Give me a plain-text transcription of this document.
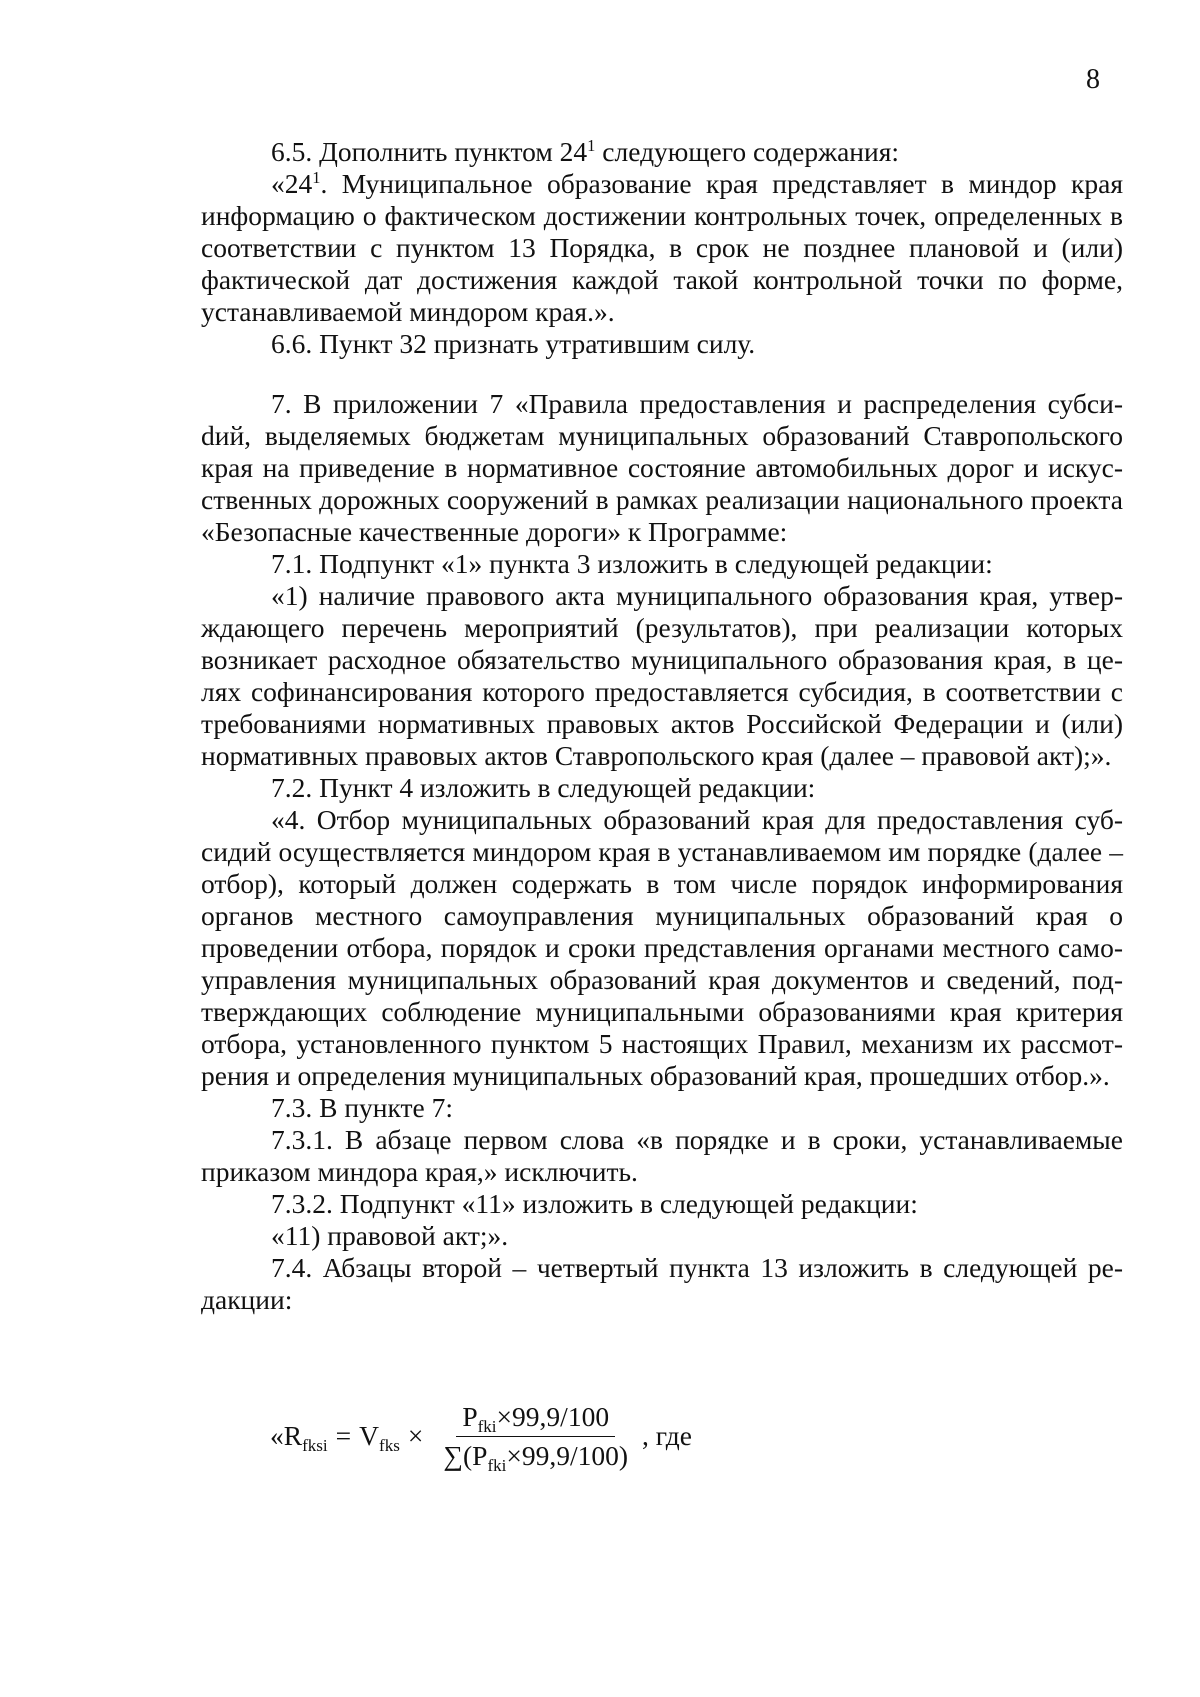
8

6.5. Дополнить пунктом $24^1$ следующего содержания:

«$24^1$. Муниципальное образование края представляет в миндор края информацию о фактическом достижении контрольных точек, определенных в соответствии с пунктом 13 Порядка, в срок не позднее плановой и (или) фактической дат достижения каждой такой контрольной точки по форме, устанавливаемой миндором края.».

6.6. Пункт 32 признать утратившим силу.

7. В приложении 7 «Правила предоставления и распределения субсиdий, выделяемых бюджетам муниципальных образований Ставропольского края на приведение в нормативное состояние автомобильных дорог и искусственных дорожных сооружений в рамках реализации национального проекта «Безопасные качественные дороги» к Программе:

7.1. Подпункт «1» пункта 3 изложить в следующей редакции:

«1) наличие правового акта муниципального образования края, утверждающего перечень мероприятий (результатов), при реализации которых возникает расходное обязательство муниципального образования края, в целях софинансирования которого предоставляется субсидия, в соответствии с требованиями нормативных правовых актов Российской Федерации и (или) нормативных правовых актов Ставропольского края (далее – правовой акт);».

7.2. Пункт 4 изложить в следующей редакции:

«4. Отбор муниципальных образований края для предоставления субсидий осуществляется миндором края в устанавливаемом им порядке (далее – отбор), который должен содержать в том числе порядок информирования органов местного самоуправления муниципальных образований края о проведении отбора, порядок и сроки представления органами местного самоуправления муниципальных образований края документов и сведений, подтверждающих соблюдение муниципальными образованиями края критерия отбора, установленного пунктом 5 настоящих Правил, механизм их рассмотрения и определения муниципальных образований края, прошедших отбор.».

7.3. В пункте 7:

7.3.1. В абзаце первом слова «в порядке и в сроки, устанавливаемые приказом миндора края,» исключить.

7.3.2. Подпункт «11» изложить в следующей редакции:

«11) правовой акт;».

7.4. Абзацы второй – четвертый пункта 13 изложить в следующей редакции:

« $R_{fksi} = V_{fks} \times \frac{P_{fki}\times 99,9/100}{\sum(P_{fki}\times 99,9/100)}$ , где
